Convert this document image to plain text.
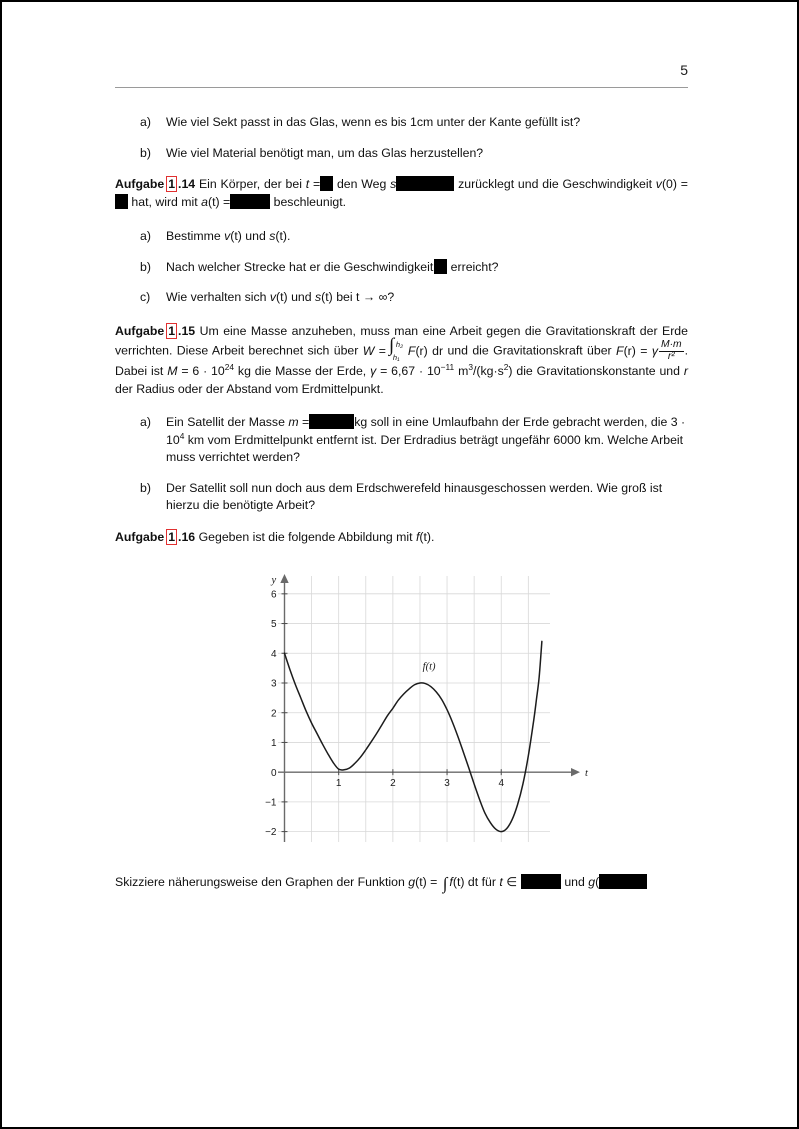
5
a)	Wie viel Sekt passt in das Glas, wenn es bis 1cm unter der Kante gefüllt ist?
b)	Wie viel Material benötigt man, um das Glas herzustellen?
Aufgabe 1 .14 Ein Körper, der bei t = den Weg s	zurücklegt und die Geschwindigkeit v(0) = hat, wird mit a(t) =	beschleunigt.
a)	Bestimme v(t) und s(t).
b)	Nach welcher Strecke hat er die Geschwindigkeit erreicht?
c)	Wie verhalten sich v(t) und s(t) bei t → ∞?
Aufgabe 1 .15 Um eine Masse anzuheben, muss man eine Arbeit gegen die Gravitationskraft der Erde verrichten. Diese Arbeit berechnet sich über W = ∫ h₂
h₁ F(r) dr und die Gravitationskraft über F(r) = γ $\frac{M\cdot m}{\text{r²}}$ . Dabei ist $M = 6 \cdot 10^{24}$ kg die Masse der Erde, $\gamma = 6,67 \cdot 10^{-11}$ $m^3/(kg\cdot s^2)$ die Gravitationskonstante und r der Radius oder der Abstand vom Erdmittelpunkt.
a)	Ein Satellit der Masse m =	kg soll in eine Umlaufbahn der Erde gebracht werden, die $3 \cdot 10^4$ km vom Erdmittelpunkt entfernt ist. Der Erdradius beträgt ungefähr 6000 km. Welche Arbeit muss verrichtet werden?
b)	Der Satellit soll nun doch aus dem Erdschwerefeld hinausgeschossen werden. Wie groß ist hierzu die benötigte Arbeit?
Aufgabe 1 .16 Gegeben ist die folgende Abbildung mit f(t).
6
5
4
3
2
1
0
−1
−2
1	2	3	4
y
t
f(t)
Skizziere näherungsweise den Graphen der Funktion g(t) = ∫ f(t) dt für t ∈	und g(
